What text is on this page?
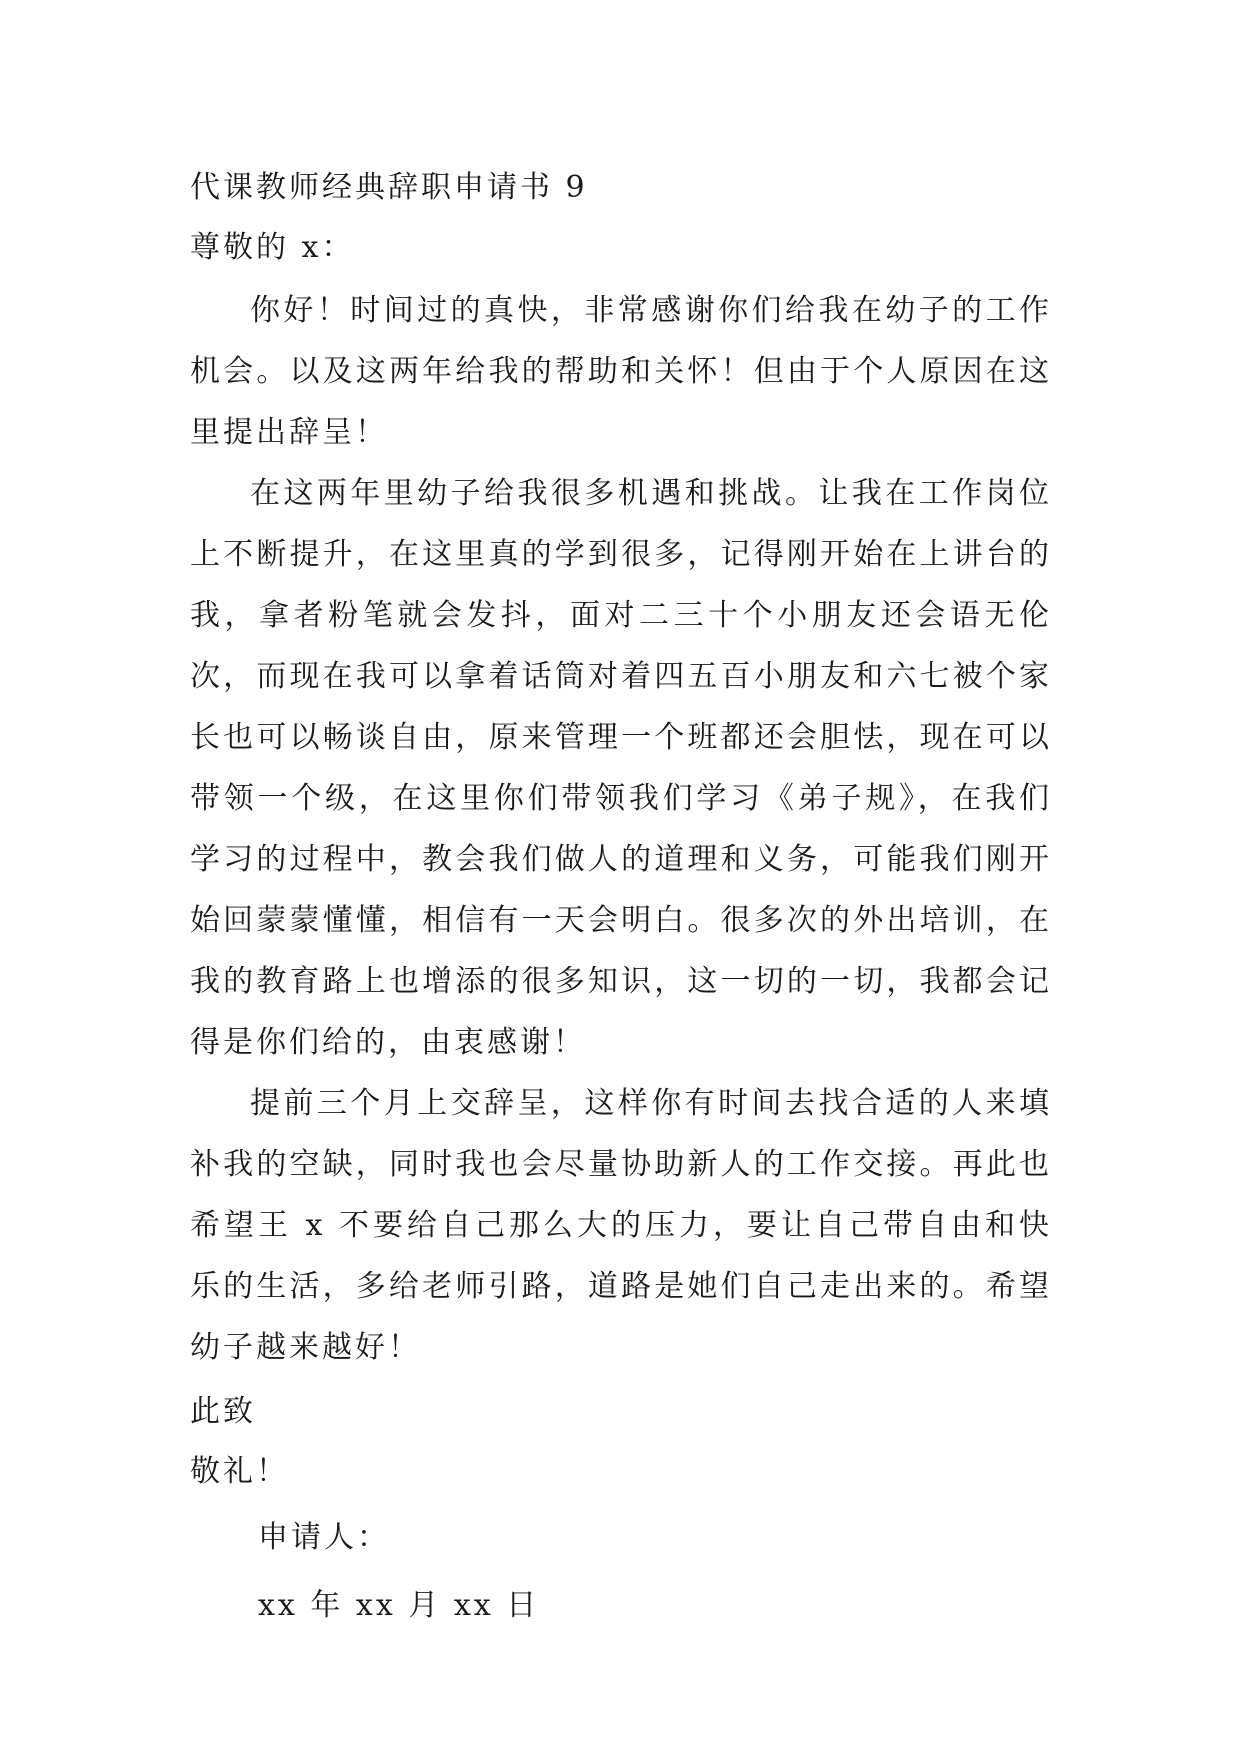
代课教师经典辞职申请书 9

尊敬的 x：

你好！时间过的真快，非常感谢你们给我在幼子的工作机会。以及这两年给我的帮助和关怀！但由于个人原因在这里提出辞呈！

在这两年里幼子给我很多机遇和挑战。让我在工作岗位上不断提升，在这里真的学到很多，记得刚开始在上讲台的我，拿者粉笔就会发抖，面对二三十个小朋友还会语无伦次，而现在我可以拿着话筒对着四五百小朋友和六七被个家长也可以畅谈自由，原来管理一个班都还会胆怯，现在可以带领一个级，在这里你们带领我们学习《弟子规》，在我们学习的过程中，教会我们做人的道理和义务，可能我们刚开始回蒙蒙懂懂，相信有一天会明白。很多次的外出培训，在我的教育路上也增添的很多知识，这一切的一切，我都会记得是你们给的，由衷感谢！

提前三个月上交辞呈，这样你有时间去找合适的人来填补我的空缺，同时我也会尽量协助新人的工作交接。再此也希望王 x 不要给自己那么大的压力，要让自己带自由和快乐的生活，多给老师引路，道路是她们自己走出来的。希望幼子越来越好！

此致

敬礼！

申请人：

xx 年 xx 月 xx 日
